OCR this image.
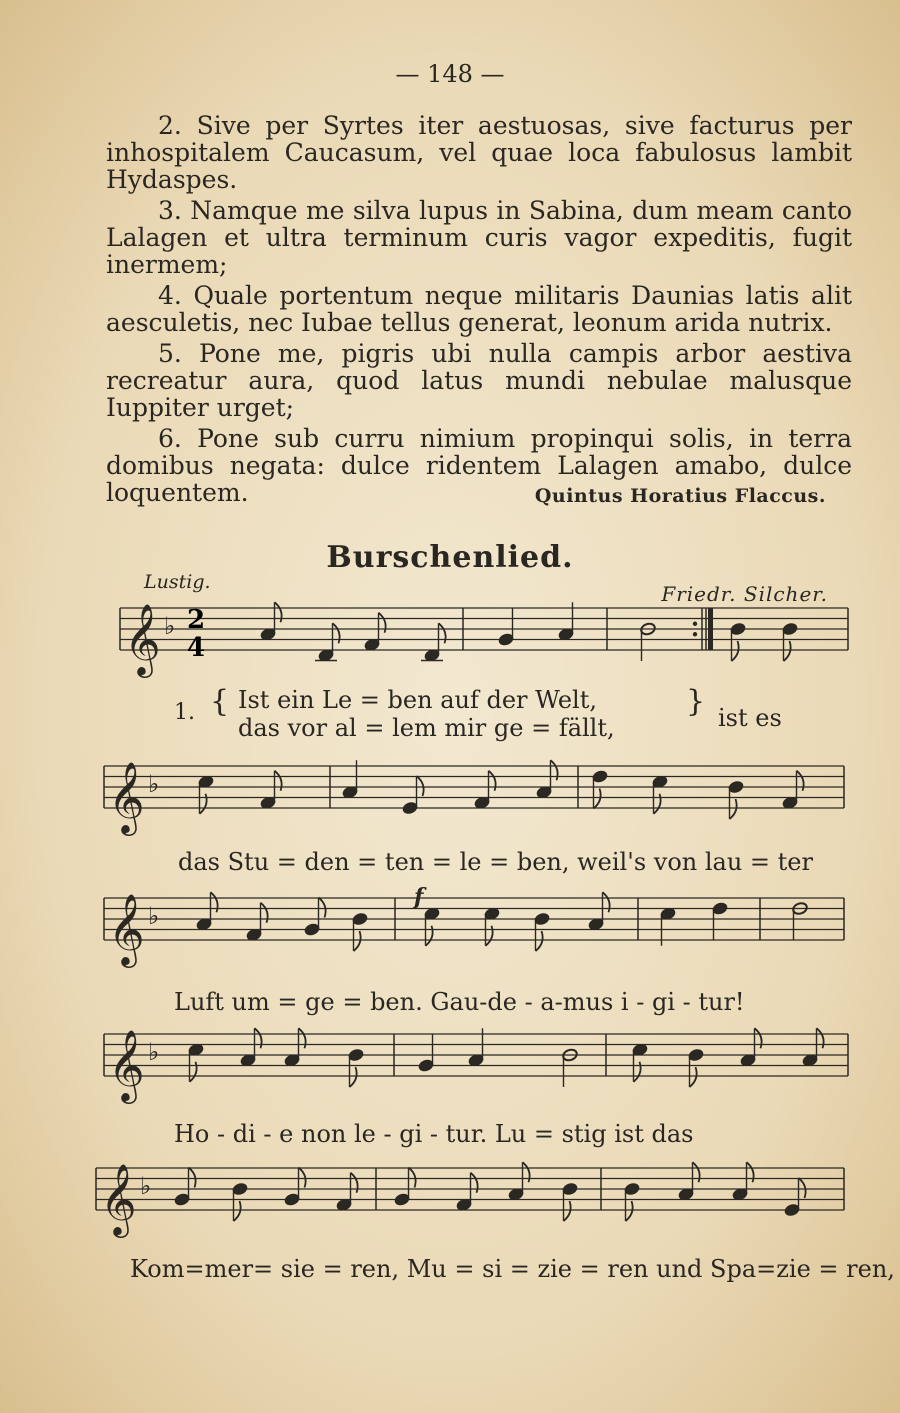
— 148 —

2. Sive per Syrtes iter aestuosas, sive facturus per inhospitalem Caucasum, vel quae loca fabulosus lambit Hydaspes.

3. Namque me silva lupus in Sabina, dum meam canto Lalagen et ultra terminum curis vagor expeditis, fugit inermem;

4. Quale portentum neque militaris Daunias latis alit aesculetis, nec Iubae tellus generat, leonum arida nutrix.

5. Pone me, pigris ubi nulla campis arbor aestiva recreatur aura, quod latus mundi nebulae malusque Iuppiter urget;

6. Pone sub curru nimium propinqui solis, in terra domibus negata: dulce ridentem Lalagen amabo, dulce loquentem.	Quintus Horatius Flaccus.
Burschenlied.
Lustig.	Friedr. Silcher.
𝄞 ♭
𝄞 ♭
𝄞 ♭
𝄞 ♭
𝄞 ♭
2
4
1. { Ist ein Le = ben auf der Welt,
das vor al = lem mir ge = fällt,
} ist es
das Stu = den = ten = le = ben, weil's von lau = ter
f
Luft um = ge = ben. Gau-de - a-mus i - gi - tur!
Ho - di - e non le - gi - tur. Lu = stig ist das
Kom=mer= sie = ren, Mu = si = zie = ren und Spa=zie = ren,
